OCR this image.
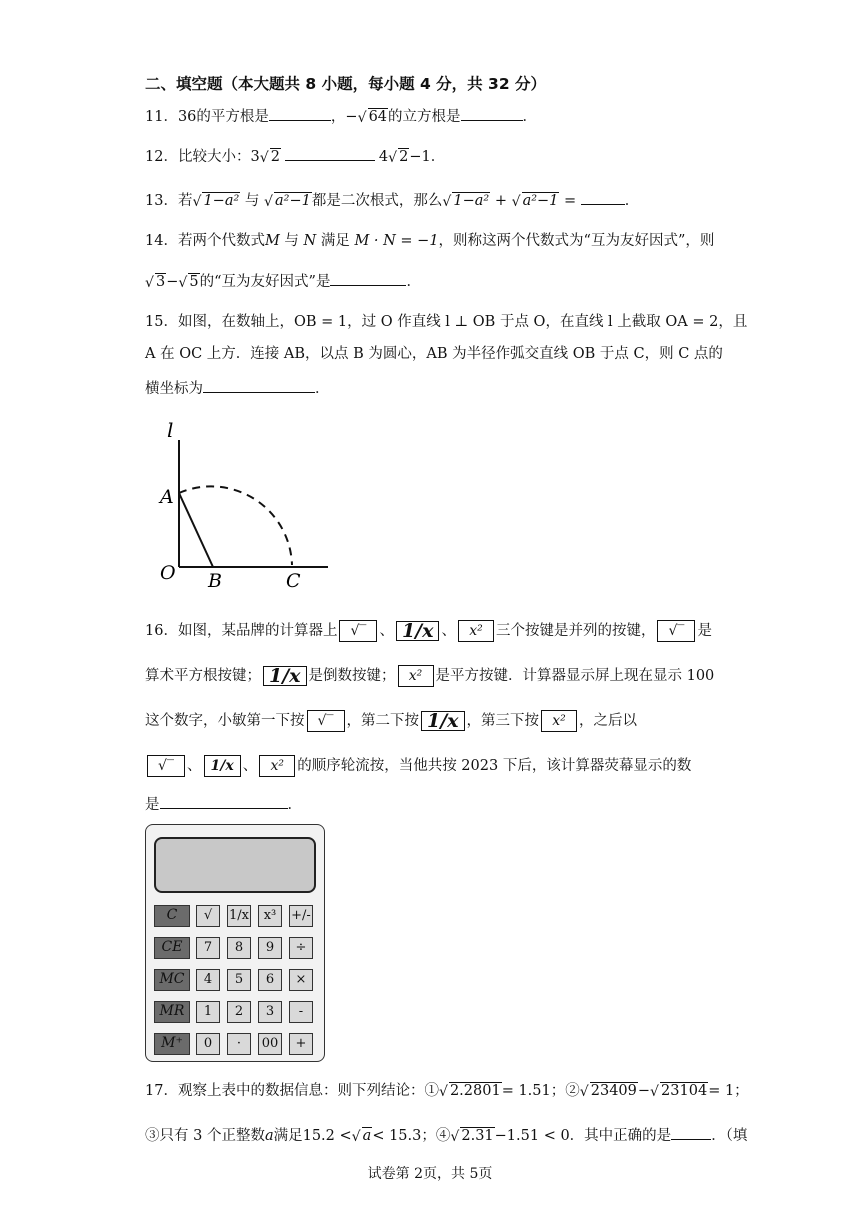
二、填空题（本大题共 8 小题，每小题 4 分，共 32 分）
11．36的平方根是	，− √ 64的立方根是	．
12．比较大小：3 √ 2	4 √ 2−1．
13．若 √ 1−a² 与 √ a²−1都是二次根式，那么 √ 1−a² + √ a²−1 =	．
14．若两个代数式M 与 N 满足 M · N = −1，则称这两个代数式为“互为友好因式”，则
√ 3− √ 5的“互为友好因式”是	．
15．如图，在数轴上，OB = 1，过 O 作直线 l ⊥ OB 于点 O，在直线 l 上截取 OA = 2，且
A 在 OC 上方．连接 AB，以点 B 为圆心，AB 为半径作弧交直线 OB 于点 C，则 C 点的
横坐标为	．
l
A
O B	C
16．如图，某品牌的计算器上 √‾ 、 1/x 、 x² 三个按键是并列的按键， √‾ 是
算术平方根按键； 1/x 是倒数按键； x² 是平方按键．计算器显示屏上现在显示 100
这个数字，小敏第一下按 √‾ ，第二下按 1/x ，第三下按 x² ，之后以
√‾ 、 1/x 、 x² 的顺序轮流按，当他共按 2023 下后，该计算器荧幕显示的数
是	．
C	√	1/x	x³	+/-
CE	7	8	9	÷
MC	4	5	6	×
MR	1	2	3	-
M⁺	0	·	00	+
17．观察上表中的数据信息：则下列结论：① √ 2.2801= 1.51；② √ 23409− √ 23104= 1；
③只有 3 个正整数a满足15.2 < √ a< 15.3；④ √ 2.31−1.51 < 0．其中正确的是	．（填
试卷第 2页，共 5页
